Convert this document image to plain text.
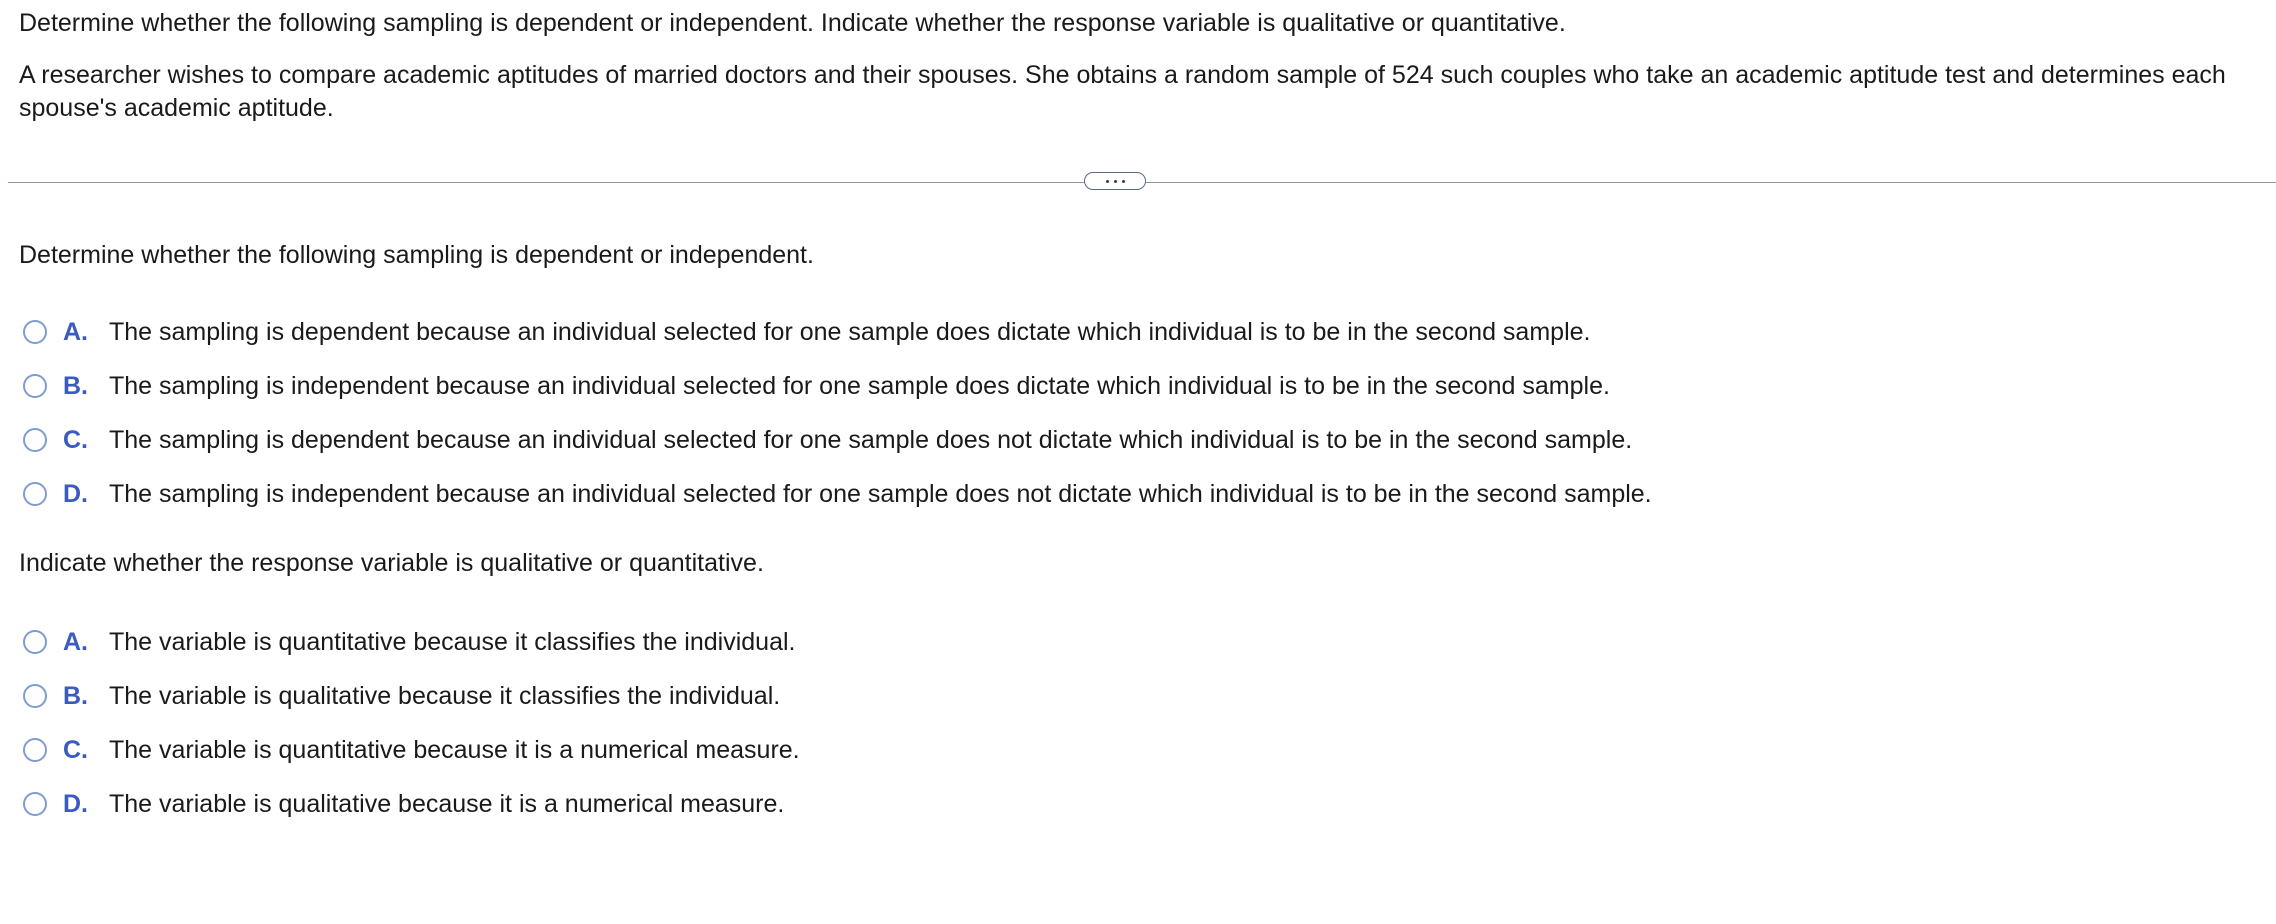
Determine whether the following sampling is dependent or independent. Indicate whether the response variable is qualitative or quantitative.

A researcher wishes to compare academic aptitudes of married doctors and their spouses. She obtains a random sample of 524 such couples who take an academic aptitude test and determines each spouse's academic aptitude.

Determine whether the following sampling is dependent or independent.

A. The sampling is dependent because an individual selected for one sample does dictate which individual is to be in the second sample.
B. The sampling is independent because an individual selected for one sample does dictate which individual is to be in the second sample.
C. The sampling is dependent because an individual selected for one sample does not dictate which individual is to be in the second sample.
D. The sampling is independent because an individual selected for one sample does not dictate which individual is to be in the second sample.

Indicate whether the response variable is qualitative or quantitative.

A. The variable is quantitative because it classifies the individual.
B. The variable is qualitative because it classifies the individual.
C. The variable is quantitative because it is a numerical measure.
D. The variable is qualitative because it is a numerical measure.
